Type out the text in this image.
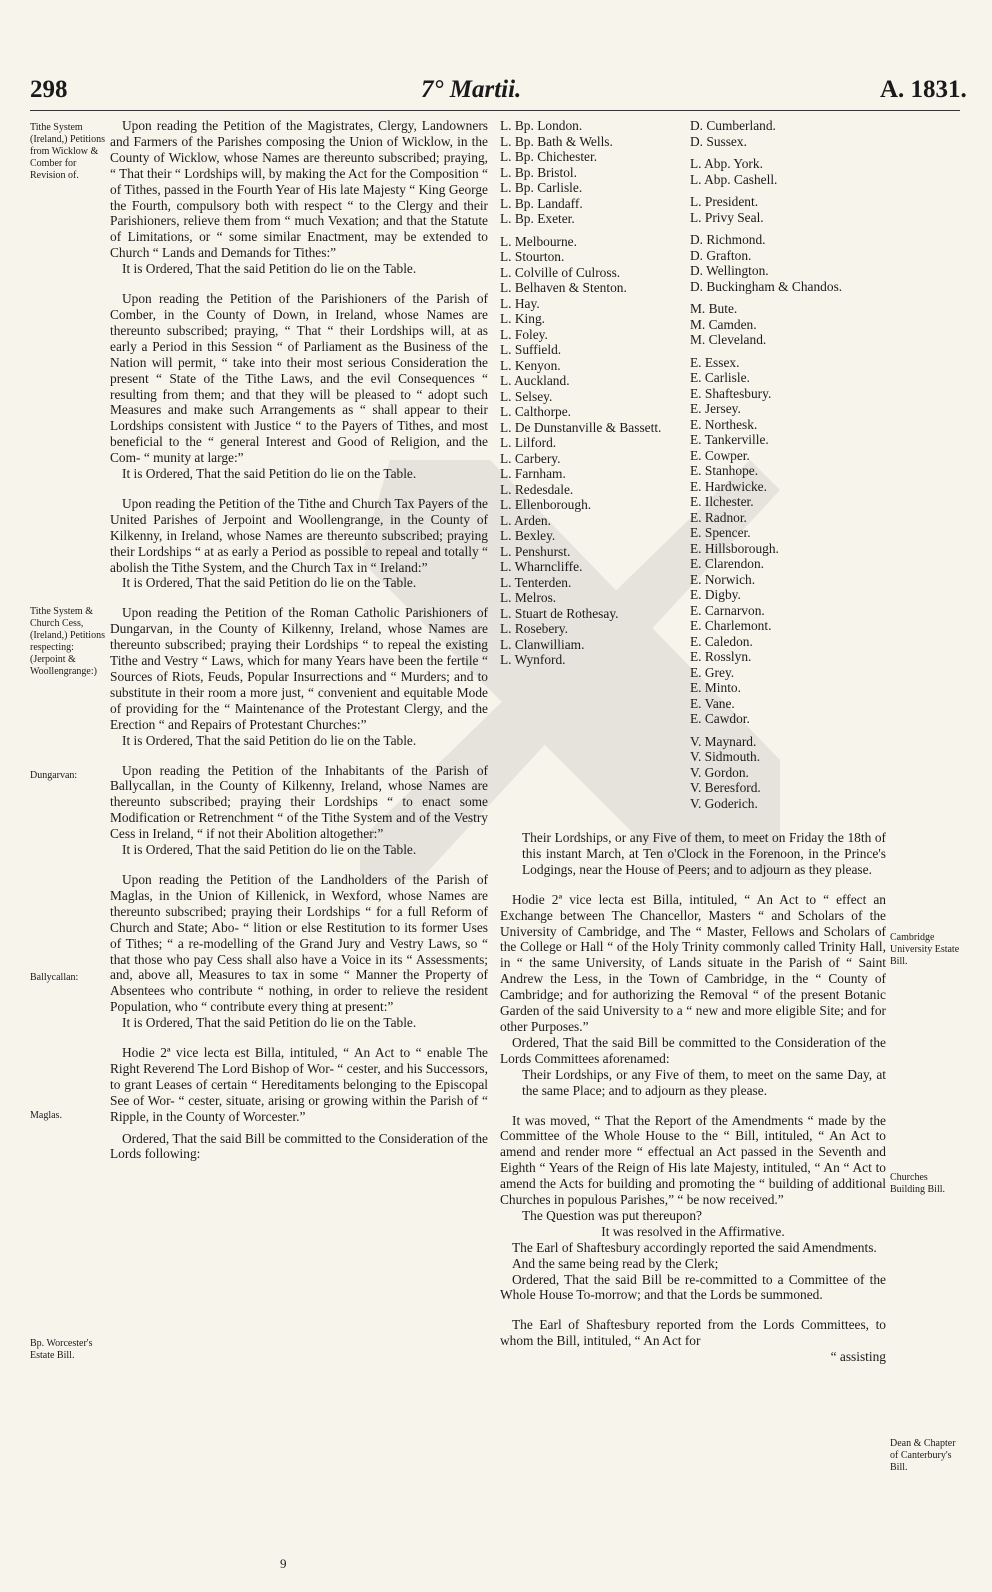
298	7° Martii.	A. 1831.
Tithe System (Ireland,) Petitions from Wicklow & Comber for Revision of.
Tithe System & Church Cess, (Ireland,) Petitions respecting: (Jerpoint & Woollengrange:)
Dungarvan:
Ballycallan:
Maglas.
Bp. Worcester's Estate Bill.
Cambridge University Estate Bill.
Churches Building Bill.
Dean & Chapter of Canterbury's Bill.

Upon reading the Petition of the Magistrates, Clergy, Landowners and Farmers of the Parishes composing the Union of Wicklow, in the County of Wicklow, whose Names are thereunto subscribed; praying, “ That their “ Lordships will, by making the Act for the Composition “ of Tithes, passed in the Fourth Year of His late Majesty “ King George the Fourth, compulsory both with respect “ to the Clergy and their Parishioners, relieve them from “ much Vexation; and that the Statute of Limitations, or “ some similar Enactment, may be extended to Church “ Lands and Demands for Tithes:”

It is Ordered, That the said Petition do lie on the Table.

Upon reading the Petition of the Parishioners of the Parish of Comber, in the County of Down, in Ireland, whose Names are thereunto subscribed; praying, “ That “ their Lordships will, at as early a Period in this Session “ of Parliament as the Business of the Nation will permit, “ take into their most serious Consideration the present “ State of the Tithe Laws, and the evil Consequences “ resulting from them; and that they will be pleased to “ adopt such Measures and make such Arrangements as “ shall appear to their Lordships consistent with Justice “ to the Payers of Tithes, and most beneficial to the “ general Interest and Good of Religion, and the Com- “ munity at large:”

It is Ordered, That the said Petition do lie on the Table.

Upon reading the Petition of the Tithe and Church Tax Payers of the United Parishes of Jerpoint and Woollengrange, in the County of Kilkenny, in Ireland, whose Names are thereunto subscribed; praying their Lordships “ at as early a Period as possible to repeal and totally “ abolish the Tithe System, and the Church Tax in “ Ireland:”

It is Ordered, That the said Petition do lie on the Table.

Upon reading the Petition of the Roman Catholic Parishioners of Dungarvan, in the County of Kilkenny, Ireland, whose Names are thereunto subscribed; praying their Lordships “ to repeal the existing Tithe and Vestry “ Laws, which for many Years have been the fertile “ Sources of Riots, Feuds, Popular Insurrections and “ Murders; and to substitute in their room a more just, “ convenient and equitable Mode of providing for the “ Maintenance of the Protestant Clergy, and the Erection “ and Repairs of Protestant Churches:”

It is Ordered, That the said Petition do lie on the Table.

Upon reading the Petition of the Inhabitants of the Parish of Ballycallan, in the County of Kilkenny, Ireland, whose Names are thereunto subscribed; praying their Lordships “ to enact some Modification or Retrenchment “ of the Tithe System and of the Vestry Cess in Ireland, “ if not their Abolition altogether:”

It is Ordered, That the said Petition do lie on the Table.

Upon reading the Petition of the Landholders of the Parish of Maglas, in the Union of Killenick, in Wexford, whose Names are thereunto subscribed; praying their Lordships “ for a full Reform of Church and State; Abo- “ lition or else Restitution to its former Uses of Tithes; “ a re-modelling of the Grand Jury and Vestry Laws, so “ that those who pay Cess shall also have a Voice in its “ Assessments; and, above all, Measures to tax in some “ Manner the Property of Absentees who contribute “ nothing, in order to relieve the resident Population, who “ contribute every thing at present:”

It is Ordered, That the said Petition do lie on the Table.

Hodie 2ª vice lecta est Billa, intituled, “ An Act to “ enable The Right Reverend The Lord Bishop of Wor- “ cester, and his Successors, to grant Leases of certain “ Hereditaments belonging to the Episcopal See of Wor- “ cester, situate, arising or growing within the Parish of “ Ripple, in the County of Worcester.”

Ordered, That the said Bill be committed to the Consideration of the Lords following:

9
L. Bp. London.
L. Bp. Bath & Wells.
L. Bp. Chichester.
L. Bp. Bristol.
L. Bp. Carlisle.
L. Bp. Landaff.
L. Bp. Exeter.
L. Melbourne.
L. Stourton.
L. Colville of Culross.
L. Belhaven & Stenton.
L. Hay.
L. King.
L. Foley.
L. Suffield.
L. Kenyon.
L. Auckland.
L. Selsey.
L. Calthorpe.
L. De Dunstanville & Bassett.
L. Lilford.
L. Carbery.
L. Farnham.
L. Redesdale.
L. Ellenborough.
L. Arden.
L. Bexley.
L. Penshurst.
L. Wharncliffe.
L. Tenterden.
L. Melros.
L. Stuart de Rothesay.
L. Rosebery.
L. Clanwilliam.
L. Wynford.
D. Cumberland.
D. Sussex.
L. Abp. York.
L. Abp. Cashell.
L. President.
L. Privy Seal.
D. Richmond.
D. Grafton.
D. Wellington.
D. Buckingham & Chandos.
M. Bute.
M. Camden.
M. Cleveland.
E. Essex.
E. Carlisle.
E. Shaftesbury.
E. Jersey.
E. Northesk.
E. Tankerville.
E. Cowper.
E. Stanhope.
E. Hardwicke.
E. Ilchester.
E. Radnor.
E. Spencer.
E. Hillsborough.
E. Clarendon.
E. Norwich.
E. Digby.
E. Carnarvon.
E. Charlemont.
E. Caledon.
E. Rosslyn.
E. Grey.
E. Minto.
E. Vane.
E. Cawdor.
V. Maynard.
V. Sidmouth.
V. Gordon.
V. Beresford.
V. Goderich.

Their Lordships, or any Five of them, to meet on Friday the 18th of this instant March, at Ten o'Clock in the Forenoon, in the Prince's Lodgings, near the House of Peers; and to adjourn as they please.

Hodie 2ª vice lecta est Billa, intituled, “ An Act to “ effect an Exchange between The Chancellor, Masters “ and Scholars of the University of Cambridge, and The “ Master, Fellows and Scholars of the College or Hall “ of the Holy Trinity commonly called Trinity Hall, in “ the same University, of Lands situate in the Parish of “ Saint Andrew the Less, in the Town of Cambridge, in the “ County of Cambridge; and for authorizing the Removal “ of the present Botanic Garden of the said University to a “ new and more eligible Site; and for other Purposes.”

Ordered, That the said Bill be committed to the Consideration of the Lords Committees aforenamed:

Their Lordships, or any Five of them, to meet on the same Day, at the same Place; and to adjourn as they please.

It was moved, “ That the Report of the Amendments “ made by the Committee of the Whole House to the “ Bill, intituled, “ An Act to amend and render more “ effectual an Act passed in the Seventh and Eighth “ Years of the Reign of His late Majesty, intituled, “ An “ Act to amend the Acts for building and promoting the “ building of additional Churches in populous Parishes,” “ be now received.”

The Question was put thereupon?

It was resolved in the Affirmative.

The Earl of Shaftesbury accordingly reported the said Amendments.

And the same being read by the Clerk;

Ordered, That the said Bill be re-committed to a Committee of the Whole House To-morrow; and that the Lords be summoned.

The Earl of Shaftesbury reported from the Lords Committees, to whom the Bill, intituled, “ An Act for

“ assisting
